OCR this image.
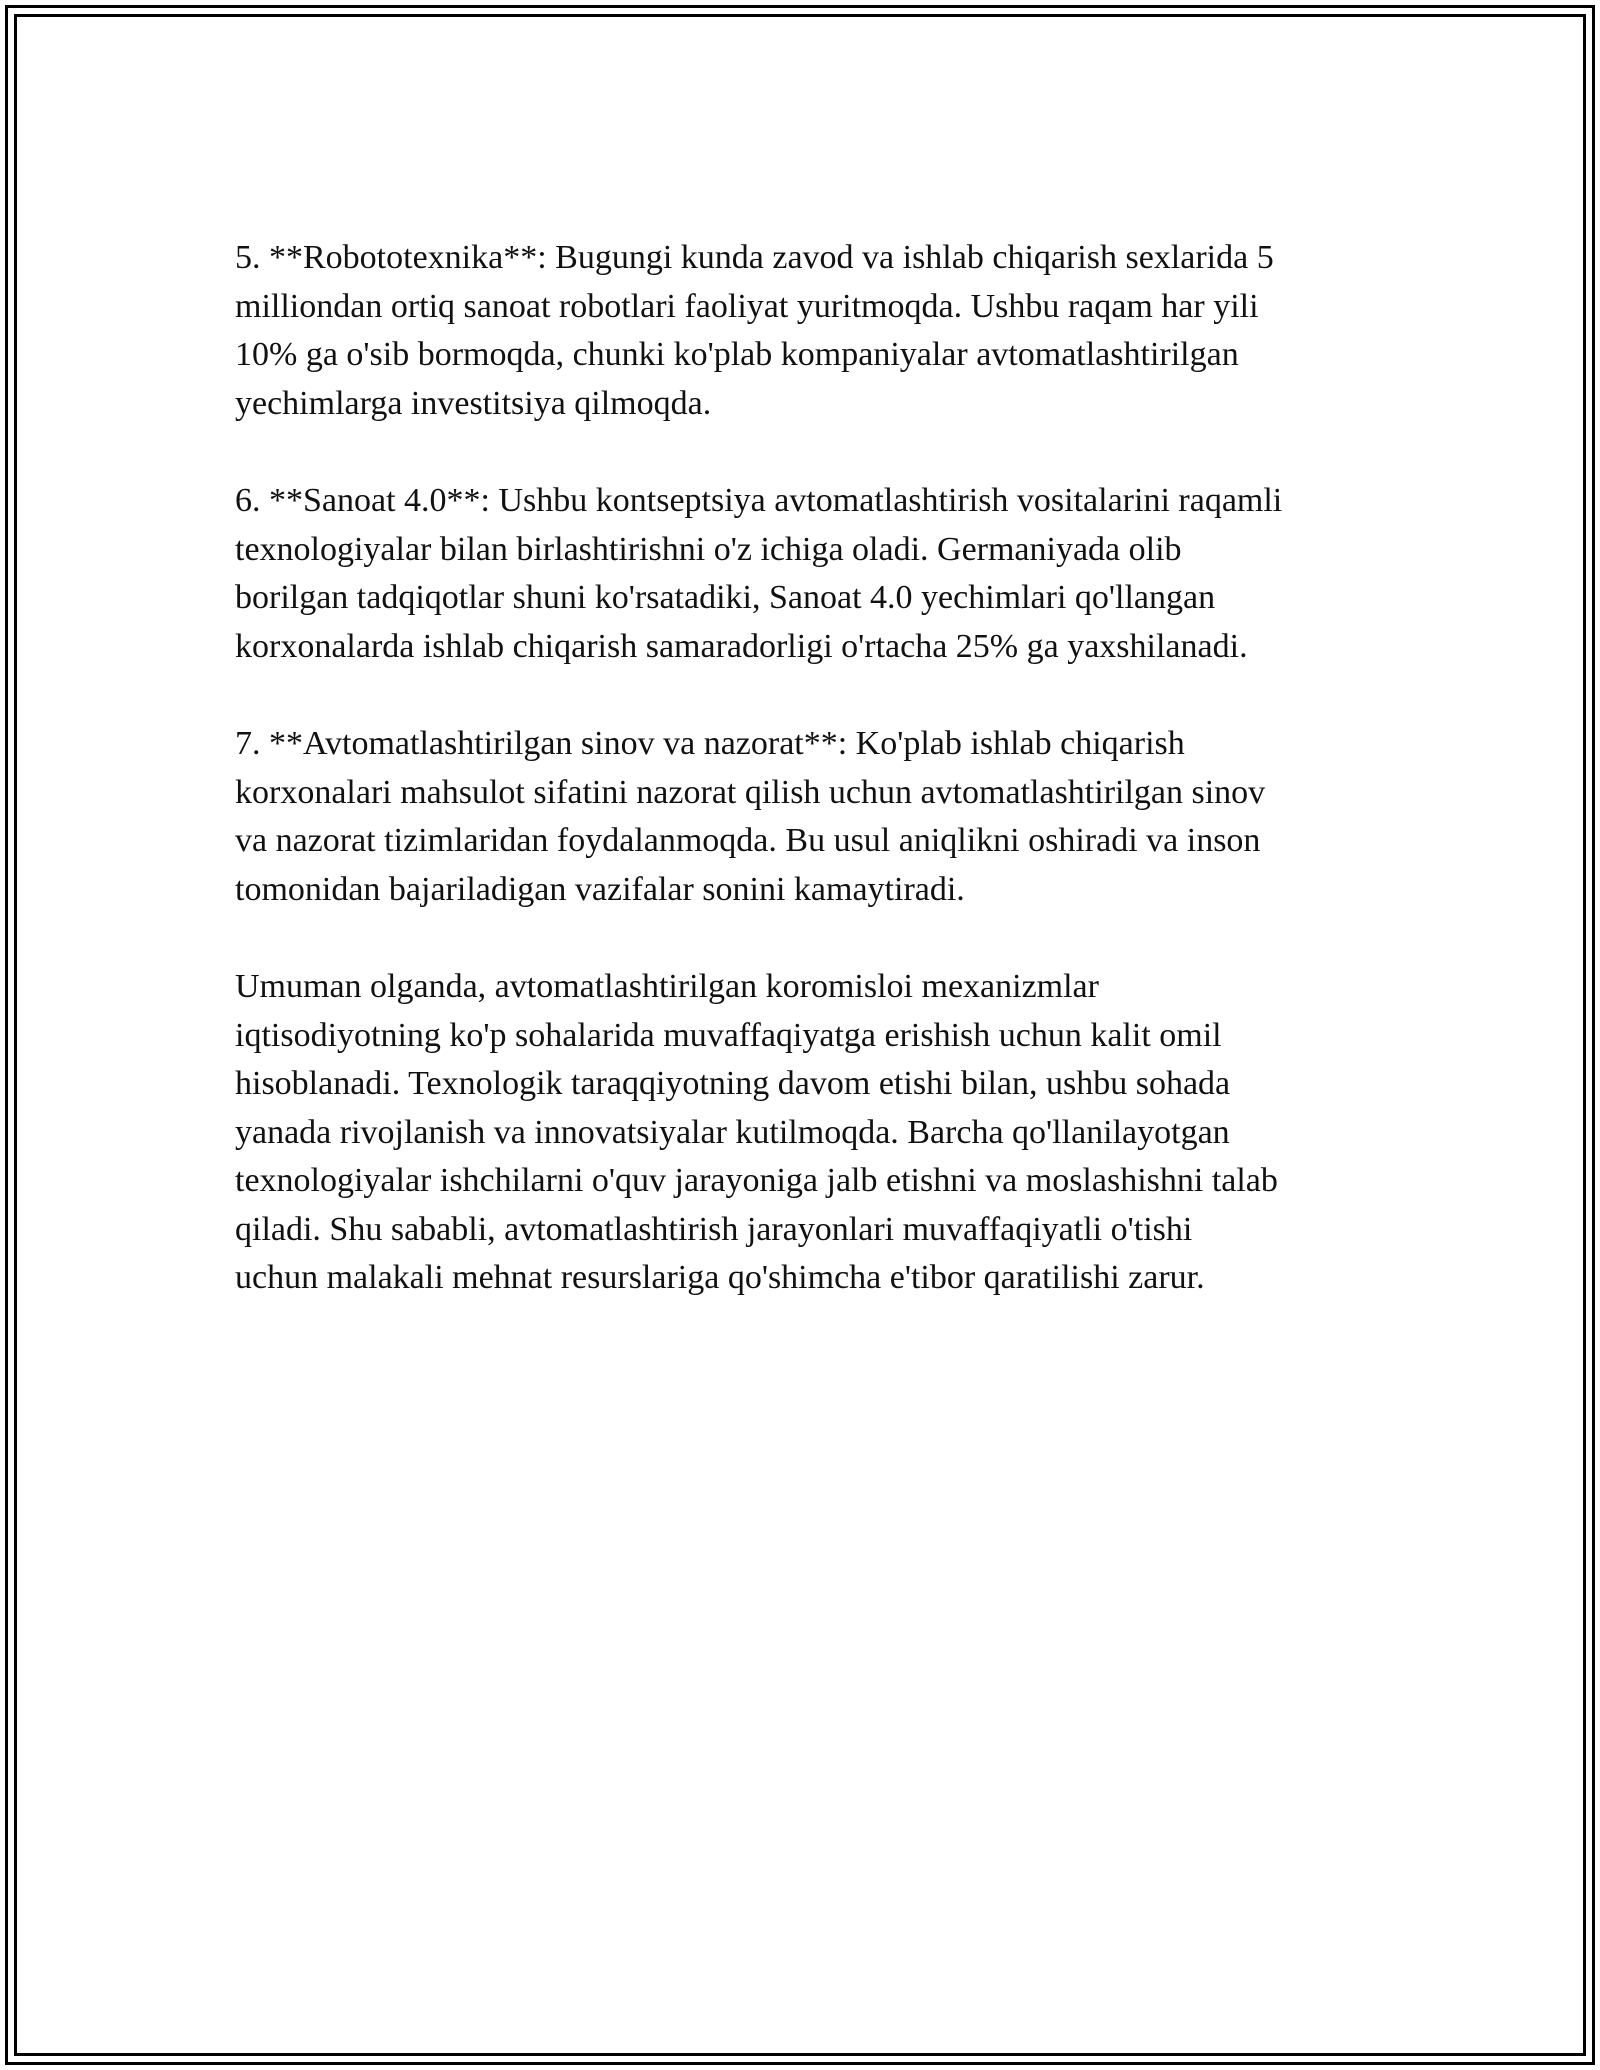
5. **Robototexnika**: Bugungi kunda zavod va ishlab chiqarish sexlarida 5
milliondan ortiq sanoat robotlari faoliyat yuritmoqda. Ushbu raqam har yili
10% ga o'sib bormoqda, chunki ko'plab kompaniyalar avtomatlashtirilgan
yechimlarga investitsiya qilmoqda.

6. **Sanoat 4.0**: Ushbu kontseptsiya avtomatlashtirish vositalarini raqamli
texnologiyalar bilan birlashtirishni o'z ichiga oladi. Germaniyada olib
borilgan tadqiqotlar shuni ko'rsatadiki, Sanoat 4.0 yechimlari qo'llangan
korxonalarda ishlab chiqarish samaradorligi o'rtacha 25% ga yaxshilanadi.

7. **Avtomatlashtirilgan sinov va nazorat**: Ko'plab ishlab chiqarish
korxonalari mahsulot sifatini nazorat qilish uchun avtomatlashtirilgan sinov
va nazorat tizimlaridan foydalanmoqda. Bu usul aniqlikni oshiradi va inson
tomonidan bajariladigan vazifalar sonini kamaytiradi.

Umuman olganda, avtomatlashtirilgan koromisloi mexanizmlar
iqtisodiyotning ko'p sohalarida muvaffaqiyatga erishish uchun kalit omil
hisoblanadi. Texnologik taraqqiyotning davom etishi bilan, ushbu sohada
yanada rivojlanish va innovatsiyalar kutilmoqda. Barcha qo'llanilayotgan
texnologiyalar ishchilarni o'quv jarayoniga jalb etishni va moslashishni talab
qiladi. Shu sababli, avtomatlashtirish jarayonlari muvaffaqiyatli o'tishi
uchun malakali mehnat resurslariga qo'shimcha e'tibor qaratilishi zarur.
